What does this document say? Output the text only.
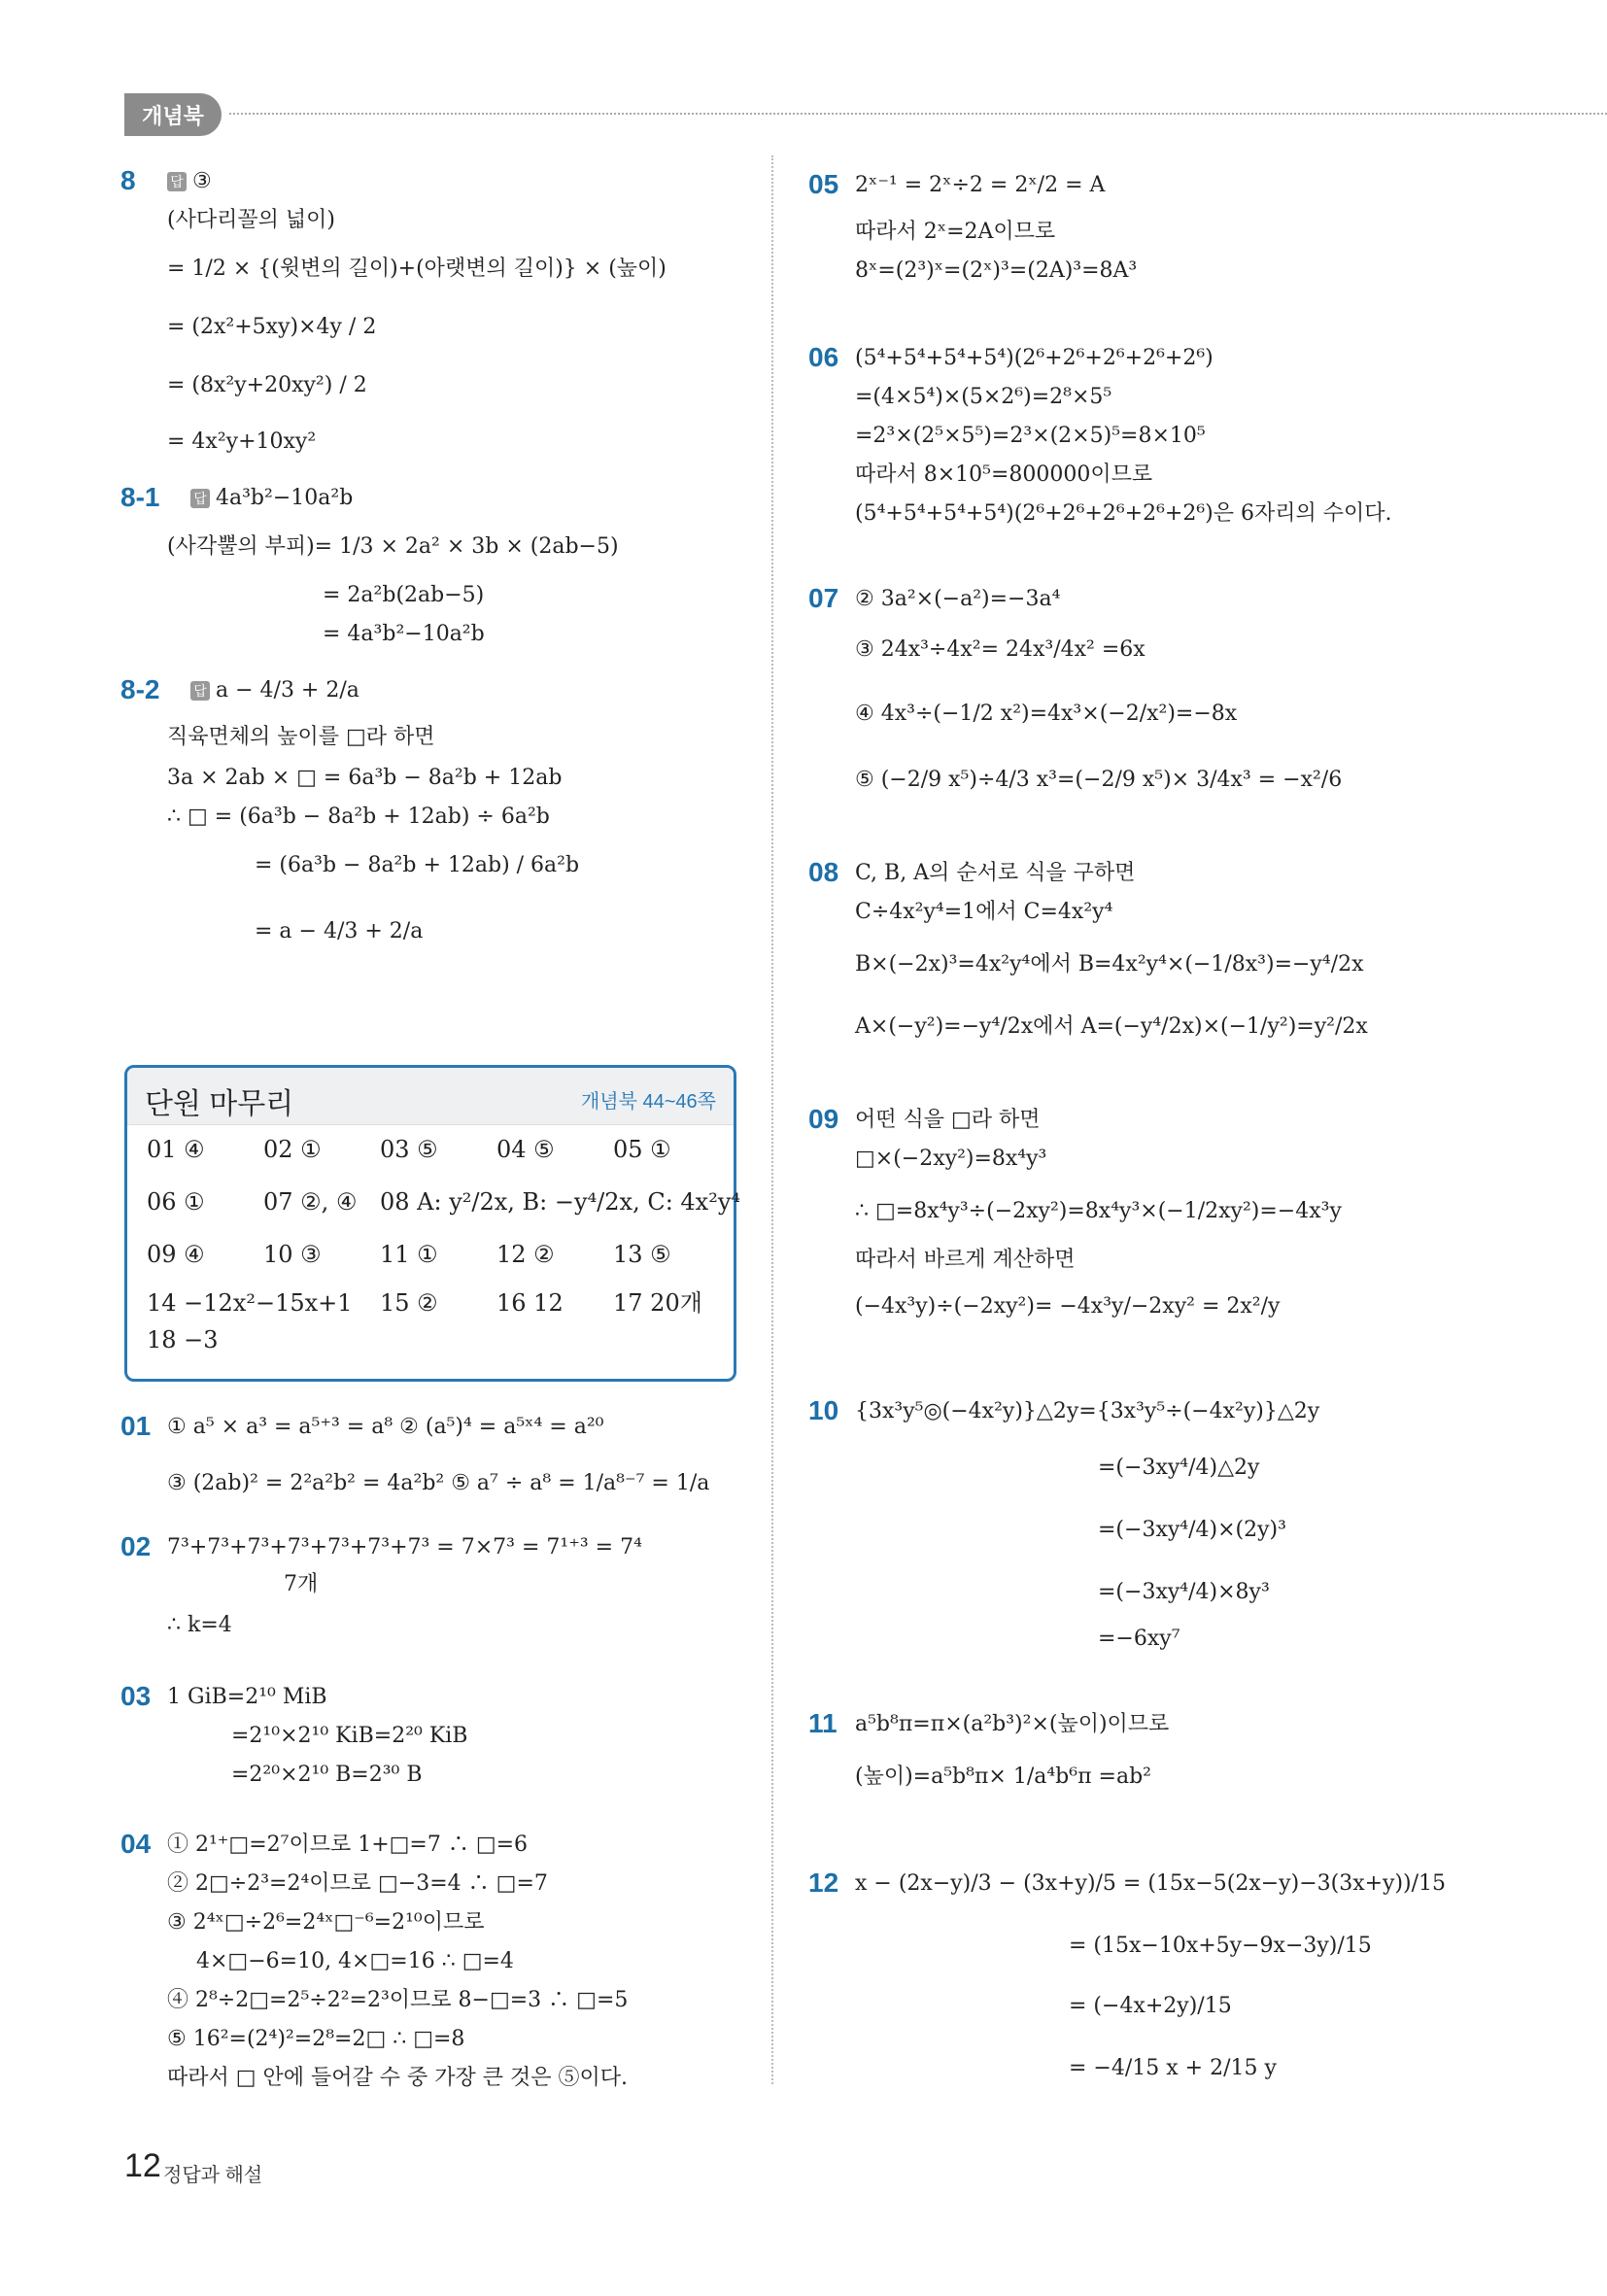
개념북
8	답 ③
(사다리꼴의 넓이)
= 1/2 × {(윗변의 길이)+(아랫변의 길이)} × (높이)
= (2x²+5xy)×4y / 2
= (8x²y+20xy²) / 2
= 4x²y+10xy²
8-1 답 4a³b²−10a²b
(사각뿔의 부피)= 1/3 × 2a² × 3b × (2ab−5)
= 2a²b(2ab−5)
= 4a³b²−10a²b
8-2 답 a − 4/3 + 2/a
직육면체의 높이를 □라 하면
3a × 2ab × □ = 6a³b − 8a²b + 12ab
∴ □ = (6a³b − 8a²b + 12ab) ÷ 6a²b
= (6a³b − 8a²b + 12ab) / 6a²b
= a − 4/3 + 2/a
단원 마무리	개념북 44~46쪽
01 ④	02 ①	03 ⑤	04 ⑤	05 ①
06 ①	07 ②, ④ 08 A: y²/2x, B: −y⁴/2x, C: 4x²y⁴
09 ④	10 ③	11 ①	12 ②	13 ⑤
14 −12x²−15x+1 15 ②	16 12 17 20개
18 −3
01 ① a⁵ × a³ = a⁵⁺³ = a⁸ ② (a⁵)⁴ = a⁵ˣ⁴ = a²⁰
③ (2ab)² = 2²a²b² = 4a²b² ⑤ a⁷ ÷ a⁸ = 1/a⁸⁻⁷ = 1/a
02 7³+7³+7³+7³+7³+7³+7³ = 7×7³ = 7¹⁺³ = 7⁴
7개
∴ k=4
03 1 GiB=2¹⁰ MiB
=2¹⁰×2¹⁰ KiB=2²⁰ KiB
=2²⁰×2¹⁰ B=2³⁰ B
04 ① 2¹⁺□=2⁷이므로 1+□=7 ∴ □=6
② 2□÷2³=2⁴이므로 □−3=4 ∴ □=7
③ 2⁴ˣ□÷2⁶=2⁴ˣ□⁻⁶=2¹⁰이므로
4×□−6=10, 4×□=16 ∴ □=4
④ 2⁸÷2□=2⁵÷2²=2³이므로 8−□=3 ∴ □=5
⑤ 16²=(2⁴)²=2⁸=2□ ∴ □=8
따라서 □ 안에 들어갈 수 중 가장 큰 것은 ⑤이다.
05 2ˣ⁻¹ = 2ˣ÷2 = 2ˣ/2 = A
따라서 2ˣ=2A이므로
8ˣ=(2³)ˣ=(2ˣ)³=(2A)³=8A³
06 (5⁴+5⁴+5⁴+5⁴)(2⁶+2⁶+2⁶+2⁶+2⁶)
=(4×5⁴)×(5×2⁶)=2⁸×5⁵
=2³×(2⁵×5⁵)=2³×(2×5)⁵=8×10⁵
따라서 8×10⁵=800000이므로
(5⁴+5⁴+5⁴+5⁴)(2⁶+2⁶+2⁶+2⁶+2⁶)은 6자리의 수이다.
07 ② 3a²×(−a²)=−3a⁴
③ 24x³÷4x²= 24x³/4x² =6x
④ 4x³÷(−1/2 x²)=4x³×(−2/x²)=−8x
⑤ (−2/9 x⁵)÷4/3 x³=(−2/9 x⁵)× 3/4x³ = −x²/6
08 C, B, A의 순서로 식을 구하면
C÷4x²y⁴=1에서 C=4x²y⁴
B×(−2x)³=4x²y⁴에서 B=4x²y⁴×(−1/8x³)=−y⁴/2x
A×(−y²)=−y⁴/2x에서 A=(−y⁴/2x)×(−1/y²)=y²/2x
09 어떤 식을 □라 하면
□×(−2xy²)=8x⁴y³
∴ □=8x⁴y³÷(−2xy²)=8x⁴y³×(−1/2xy²)=−4x³y
따라서 바르게 계산하면
(−4x³y)÷(−2xy²)= −4x³y/−2xy² = 2x²/y
10 {3x³y⁵◎(−4x²y)}△2y={3x³y⁵÷(−4x²y)}△2y
=(−3xy⁴/4)△2y
=(−3xy⁴/4)×(2y)³
=(−3xy⁴/4)×8y³
=−6xy⁷
11 a⁵b⁸π=π×(a²b³)²×(높이)이므로
(높이)=a⁵b⁸π× 1/a⁴b⁶π =ab²
12 x − (2x−y)/3 − (3x+y)/5 = (15x−5(2x−y)−3(3x+y))/15
= (15x−10x+5y−9x−3y)/15
= (−4x+2y)/15
= −4/15 x + 2/15 y
12 정답과 해설
